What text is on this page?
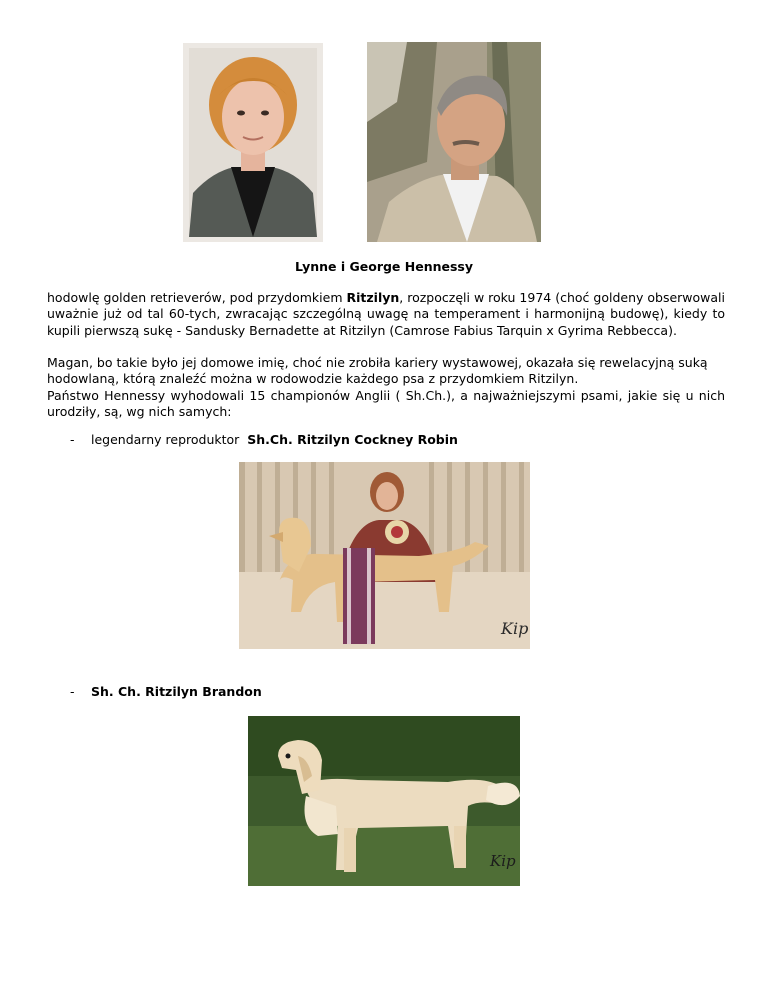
Lynne i George Hennessy
hodowlę golden retrieverów, pod przydomkiem Ritzilyn, rozpoczęli w roku 1974 (choć goldeny obserwowali uważnie już od tal 60-tych, zwracając szczególną uwagę na temperament i harmonijną budowę), kiedy to kupili pierwszą sukę - Sandusky Bernadette at Ritzilyn (Camrose Fabius Tarquin x Gyrima Rebbecca).
Magan, bo takie było jej domowe imię, choć nie zrobiła kariery wystawowej, okazała się rewelacyjną suką hodowlaną, którą znaleźć można w rodowodzie każdego psa z przydomkiem Ritzilyn.
Państwo Hennessy wyhodowali 15 championów Anglii ( Sh.Ch.), a najważniejszymi psami, jakie się u nich urodziły, są, wg nich samych:
- legendarny reproduktor  Sh.Ch. Ritzilyn Cockney Robin
Kip
- Sh. Ch. Ritzilyn Brandon
Kip
